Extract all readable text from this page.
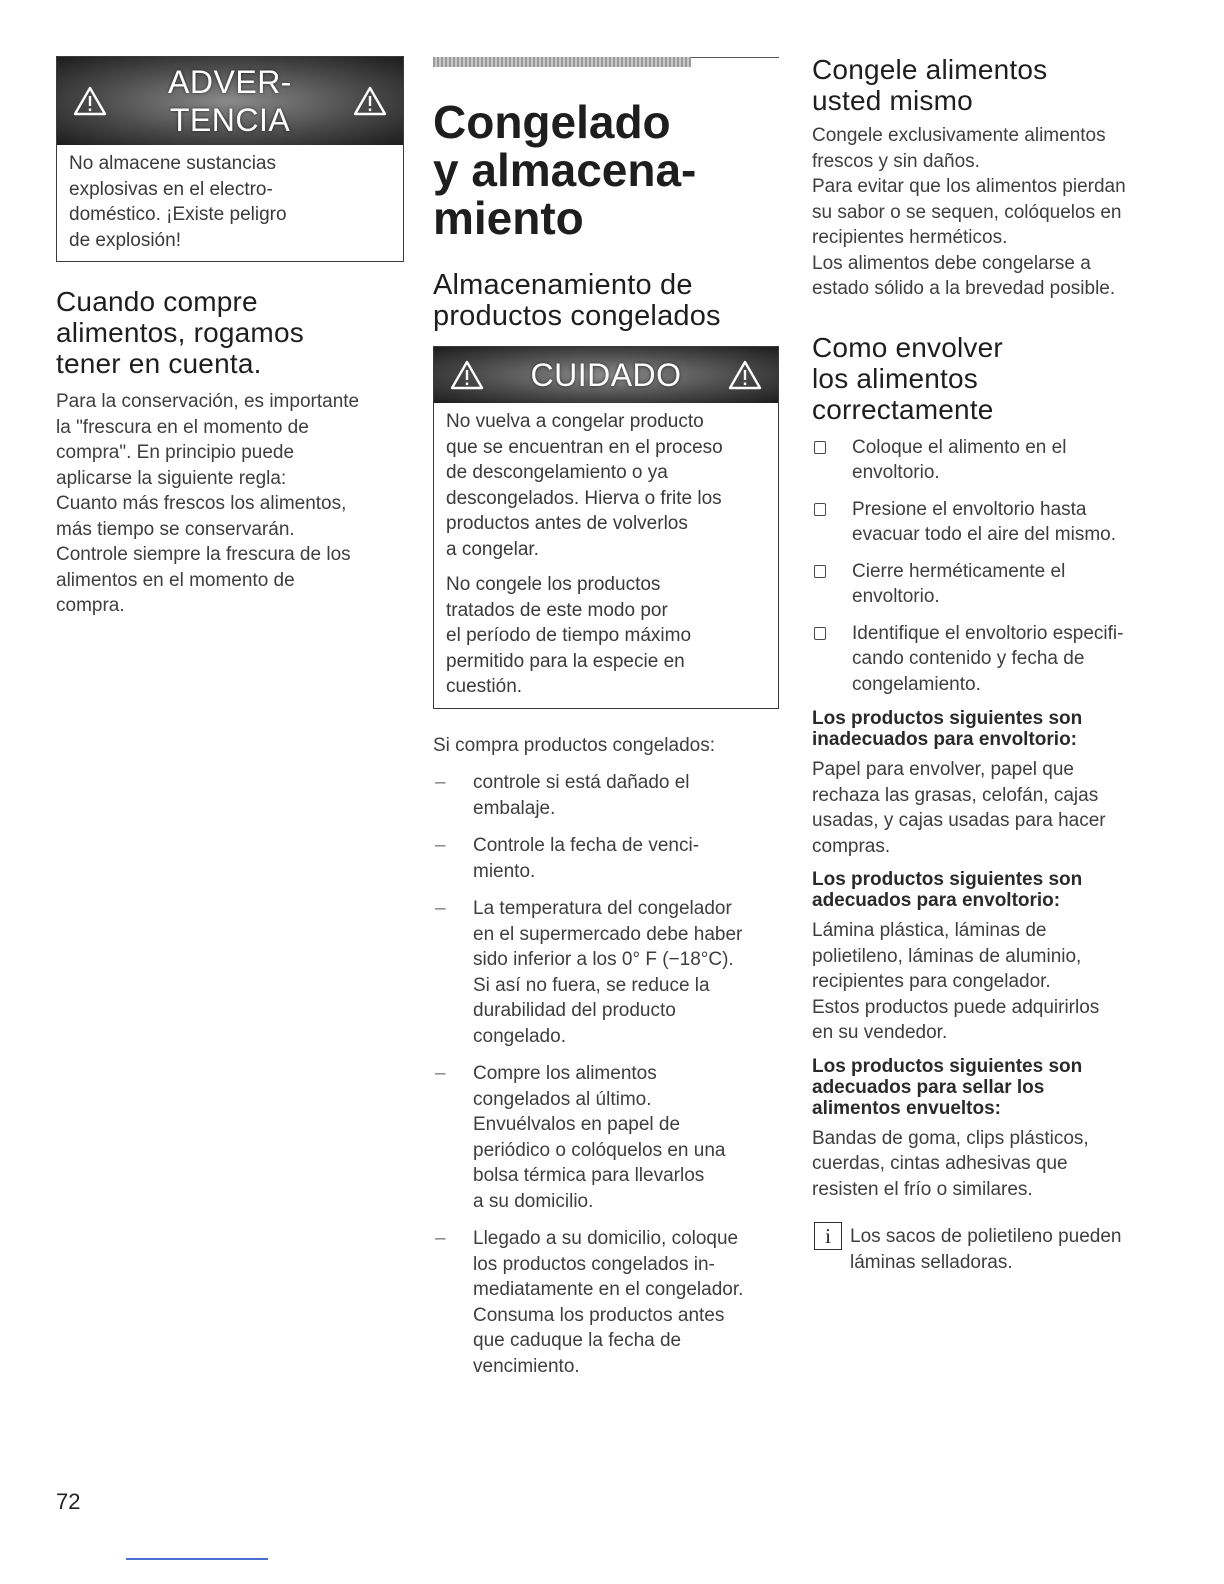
ADVER-
TENCIA
No almacene sustancias
explosivas en el electro-
doméstico. ¡Existe peligro
de explosión!
Cuando compre
alimentos, rogamos
tener en cuenta.
Para la conservación, es importante
la "frescura en el momento de
compra". En principio puede
aplicarse la siguiente regla:
Cuanto más frescos los alimentos,
más tiempo se conservarán.
Controle siempre la frescura de los
alimentos en el momento de
compra.
Congelado
y almacena-
miento
Almacenamiento de
productos congelados
CUIDADO

No vuelva a congelar producto
que se encuentran en el proceso
de descongelamiento o ya
descongelados. Hierva o frite los
productos antes de volverlos
a congelar.

No congele los productos
tratados de este modo por
el período de tiempo máximo
permitido para la especie en
cuestión.

Si compra productos congelados:

– controle si está dañado el
embalaje.
– Controle la fecha de venci-
miento.
– La temperatura del congelador
en el supermercado debe haber
sido inferior a los 0° F (−18°C).
Si así no fuera, se reduce la
durabilidad del producto
congelado.
– Compre los alimentos
congelados al último.
Envuélvalos en papel de
periódico o colóquelos en una
bolsa térmica para llevarlos
a su domicilio.
– Llegado a su domicilio, coloque
los productos congelados in-
mediatamente en el congelador.
Consuma los productos antes
que caduque la fecha de
vencimiento.
Congele alimentos
usted mismo
Congele exclusivamente alimentos
frescos y sin daños.
Para evitar que los alimentos pierdan
su sabor o se sequen, colóquelos en
recipientes herméticos.
Los alimentos debe congelarse a
estado sólido a la brevedad posible.
Como envolver
los alimentos
correctamente
Coloque el alimento en el
envoltorio.
Presione el envoltorio hasta
evacuar todo el aire del mismo.
Cierre herméticamente el
envoltorio.
Identifique el envoltorio especifi-
cando contenido y fecha de
congelamiento.
Los productos siguientes son
inadecuados para envoltorio:
Papel para envolver, papel que
rechaza las grasas, celofán, cajas
usadas, y cajas usadas para hacer
compras.
Los productos siguientes son
adecuados para envoltorio:
Lámina plástica, láminas de
polietileno, láminas de aluminio,
recipientes para congelador.
Estos productos puede adquirirlos
en su vendedor.
Los productos siguientes son
adecuados para sellar los
alimentos envueltos:
Bandas de goma, clips plásticos,
cuerdas, cintas adhesivas que
resisten el frío o similares.
i	Los sacos de polietileno pueden
láminas selladoras.
72
